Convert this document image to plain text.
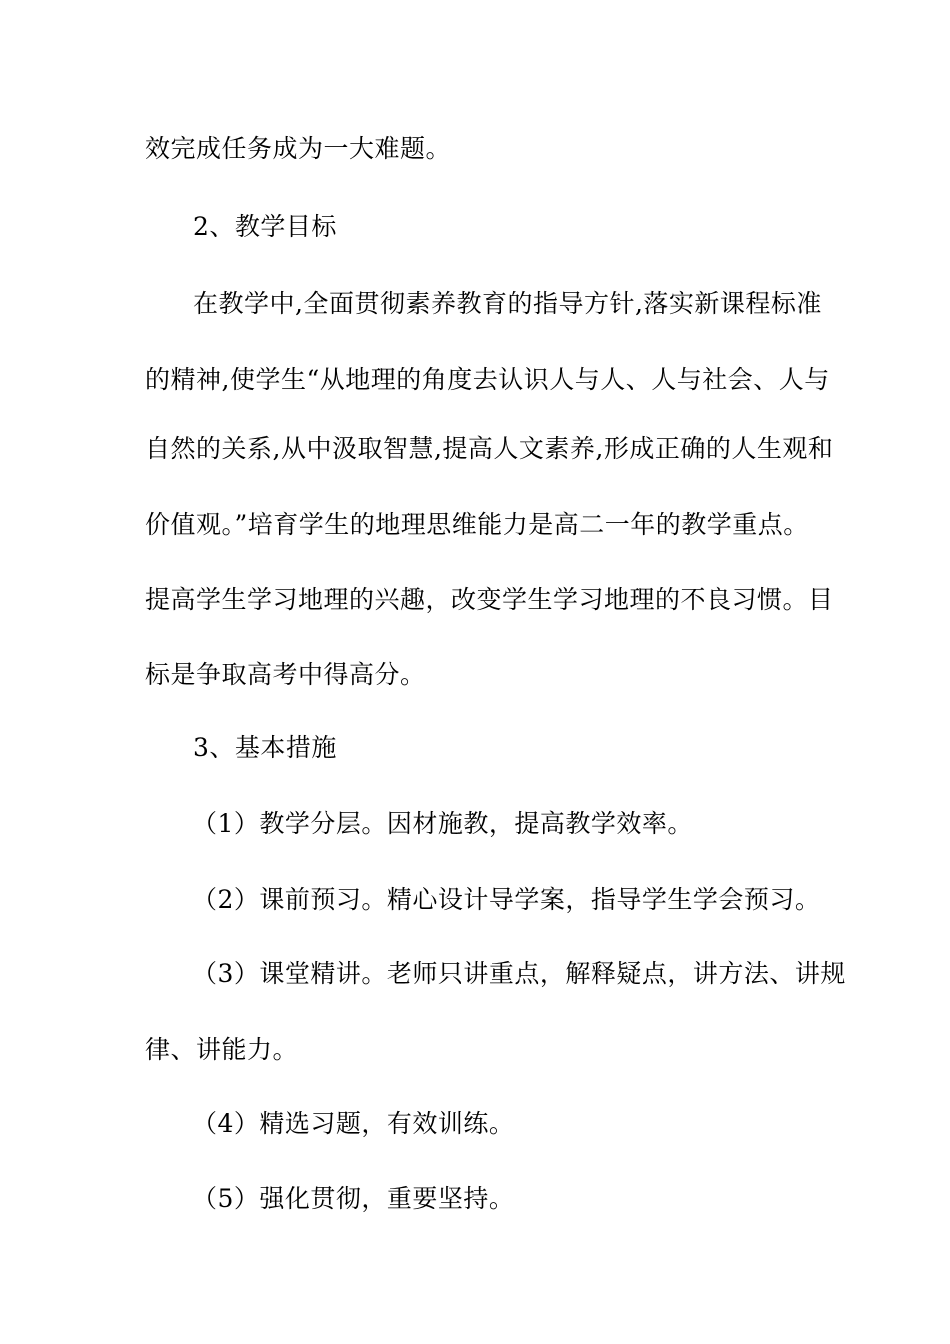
效完成任务成为一大难题。
2、教学目标
在教学中,全面贯彻素养教育的指导方针,落实新课程标准
的精神,使学生“从地理的角度去认识人与人、人与社会、人与
自然的关系,从中汲取智慧,提高人文素养,形成正确的人生观和
价值观。”培育学生的地理思维能力是高二一年的教学重点。
提高学生学习地理的兴趣，改变学生学习地理的不良习惯。目
标是争取高考中得高分。
3、基本措施
（1）教学分层。因材施教，提高教学效率。
（2）课前预习。精心设计导学案，指导学生学会预习。
（3）课堂精讲。老师只讲重点，解释疑点，讲方法、讲规
律、讲能力。
（4）精选习题，有效训练。
（5）强化贯彻，重要坚持。
